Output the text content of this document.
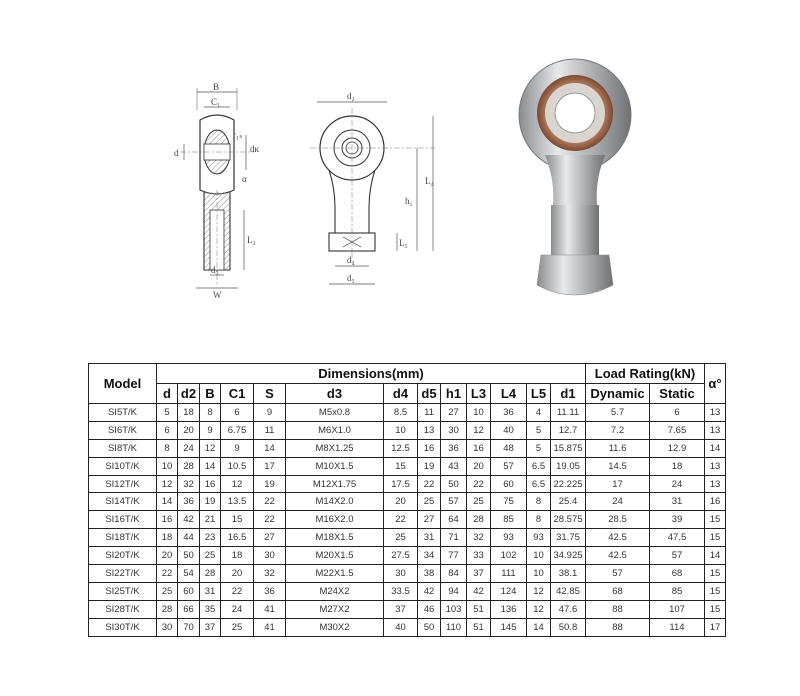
B
C₁
d	dк
r₁ₛ
α
L₃
d₃
W
d₂
L₄
h₁
L₅
d₄
d₅
Model	Dimensions(mm)													Load Rating(kN)		α°
	d	d2	B	C1	S	d3	d4	d5	h1	L3	L4	L5	d1	Dynamic	Static	
SI5T/K	5	18	8	6	9	M5x0.8	8.5	11	27	10	36	4	11.11	5.7	6	13
SI6T/K	6	20	9	6.75	11	M6X1.0	10	13	30	12	40	5	12.7	7.2	7.65	13
SI8T/K	8	24	12	9	14	M8X1.25	12.5	16	36	16	48	5	15.875	11.6	12.9	14
SI10T/K	10	28	14	10.5	17	M10X1.5	15	19	43	20	57	6.5	19.05	14.5	18	13
SI12T/K	12	32	16	12	19	M12X1.75	17.5	22	50	22	60	6.5	22.225	17	24	13
SI14T/K	14	36	19	13.5	22	M14X2.0	20	25	57	25	75	8	25.4	24	31	16
SI16T/K	16	42	21	15	22	M16X2.0	22	27	64	28	85	8	28.575	28.5	39	15
SI18T/K	18	44	23	16.5	27	M18X1.5	25	31	71	32	93	93	31.75	42.5	47.5	15
SI20T/K	20	50	25	18	30	M20X1.5	27.5	34	77	33	102	10	34.925	42.5	57	14
SI22T/K	22	54	28	20	32	M22X1.5	30	38	84	37	111	10	38.1	57	68	15
SI25T/K	25	60	31	22	36	M24X2	33.5	42	94	42	124	12	42.85	68	85	15
SI28T/K	28	66	35	24	41	M27X2	37	46	103	51	136	12	47.6	88	107	15
SI30T/K	30	70	37	25	41	M30X2	40	50	110	51	145	14	50.8	88	114	17
